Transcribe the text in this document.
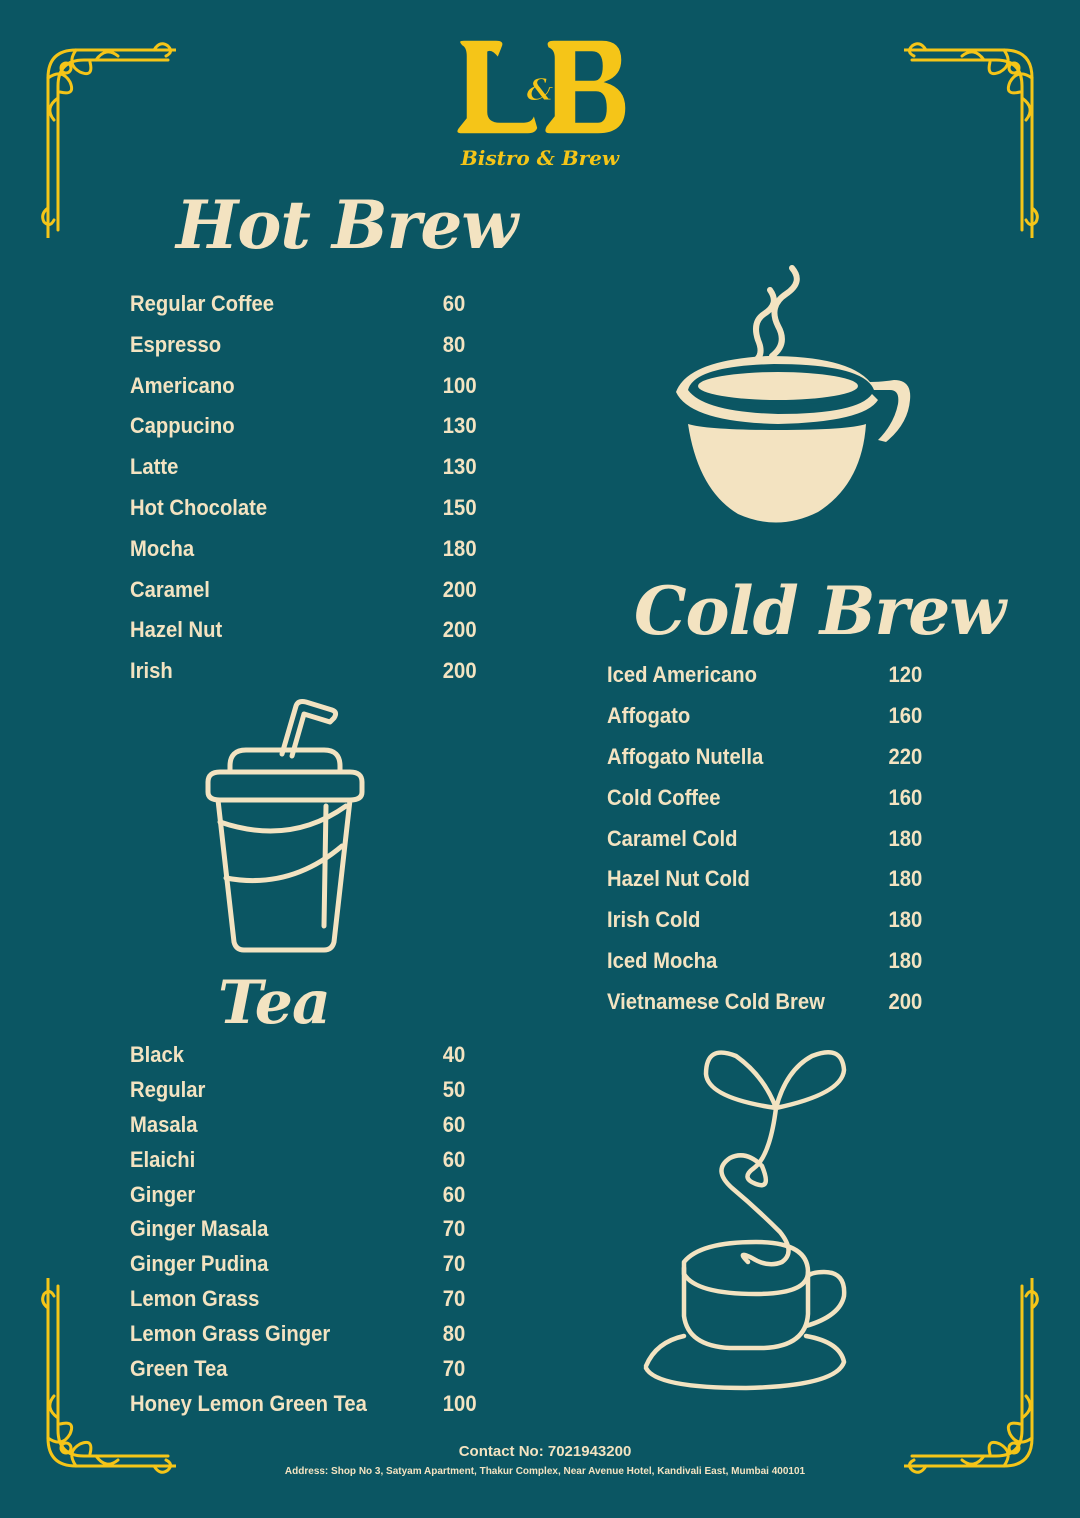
&
Bistro & Brew
Hot Brew
Regular Coffee	60
Espresso	80
Americano	100
Cappucino	130
Latte	130
Hot Chocolate	150
Mocha	180
Caramel	200
Hazel Nut	200
Irish	200
Cold Brew
Iced Americano	120
Affogato	160
Affogato Nutella	220
Cold Coffee	160
Caramel Cold	180
Hazel Nut Cold	180
Irish Cold	180
Iced Mocha	180
Vietnamese Cold Brew	200
Tea
Black	40
Regular	50
Masala	60
Elaichi	60
Ginger	60
Ginger Masala	70
Ginger Pudina	70
Lemon Grass	70
Lemon Grass Ginger	80
Green Tea	70
Honey Lemon Green Tea	100
Contact No: 7021943200
Address: Shop No 3, Satyam Apartment, Thakur Complex, Near Avenue Hotel, Kandivali East, Mumbai 400101
